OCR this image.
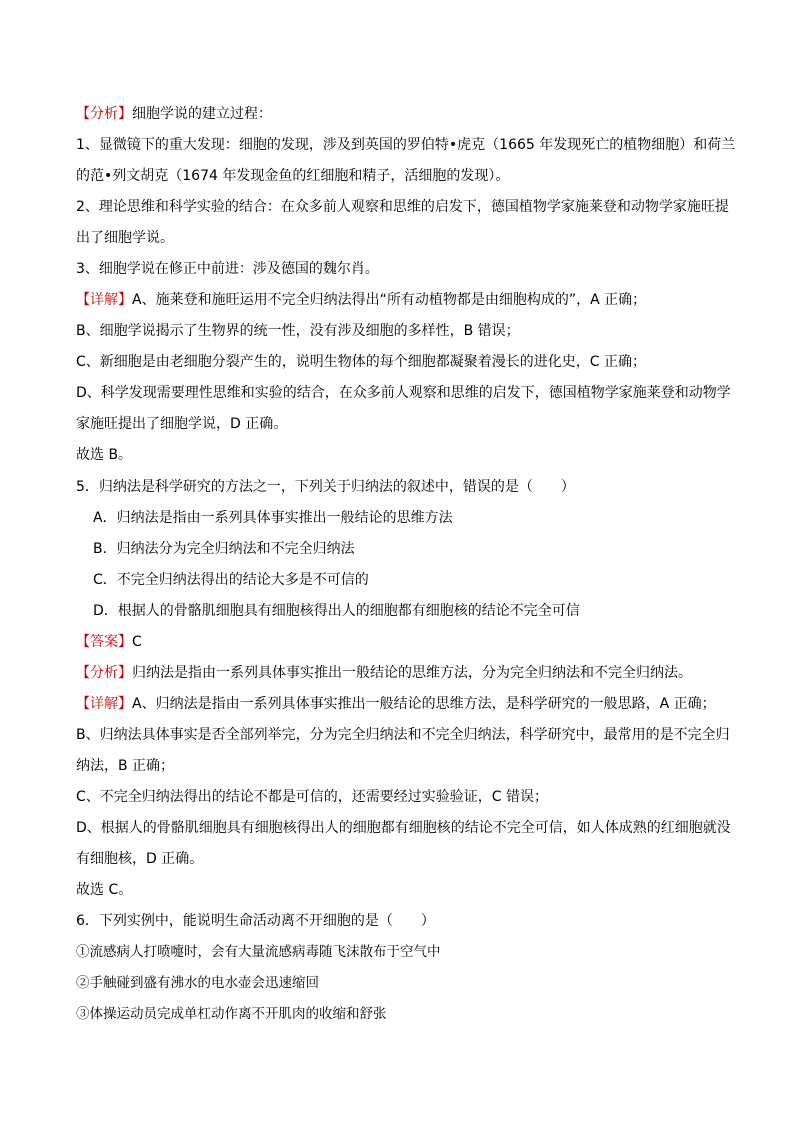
【分析】细胞学说的建立过程：
1、显微镜下的重大发现：细胞的发现，涉及到英国的罗伯特•虎克（1665 年发现死亡的植物细胞）和荷兰
的范•列文胡克（1674 年发现金鱼的红细胞和精子，活细胞的发现）。
2、理论思维和科学实验的结合：在众多前人观察和思维的启发下，德国植物学家施莱登和动物学家施旺提
出了细胞学说。
3、细胞学说在修正中前进：涉及德国的魏尔肖。
【详解】A、施莱登和施旺运用不完全归纳法得出“所有动植物都是由细胞构成的”，A 正确；
B、细胞学说揭示了生物界的统一性，没有涉及细胞的多样性，B 错误；
C、新细胞是由老细胞分裂产生的，说明生物体的每个细胞都凝聚着漫长的进化史，C 正确；
D、科学发现需要理性思维和实验的结合，在众多前人观察和思维的启发下，德国植物学家施莱登和动物学
家施旺提出了细胞学说，D 正确。
故选 B。
5．归纳法是科学研究的方法之一，下列关于归纳法的叙述中，错误的是（　　）
A．归纳法是指由一系列具体事实推出一般结论的思维方法
B．归纳法分为完全归纳法和不完全归纳法
C．不完全归纳法得出的结论大多是不可信的
D．根据人的骨骼肌细胞具有细胞核得出人的细胞都有细胞核的结论不完全可信
【答案】C
【分析】归纳法是指由一系列具体事实推出一般结论的思维方法，分为完全归纳法和不完全归纳法。
【详解】A、归纳法是指由一系列具体事实推出一般结论的思维方法，是科学研究的一般思路，A 正确；
B、归纳法具体事实是否全部列举完，分为完全归纳法和不完全归纳法，科学研究中，最常用的是不完全归
纳法，B 正确；
C、不完全归纳法得出的结论不都是可信的，还需要经过实验验证，C 错误；
D、根据人的骨骼肌细胞具有细胞核得出人的细胞都有细胞核的结论不完全可信，如人体成熟的红细胞就没
有细胞核，D 正确。
故选 C。
6．下列实例中，能说明生命活动离不开细胞的是（　　）
①流感病人打喷嚏时，会有大量流感病毒随飞沫散布于空气中
②手触碰到盛有沸水的电水壶会迅速缩回
③体操运动员完成单杠动作离不开肌肉的收缩和舒张
